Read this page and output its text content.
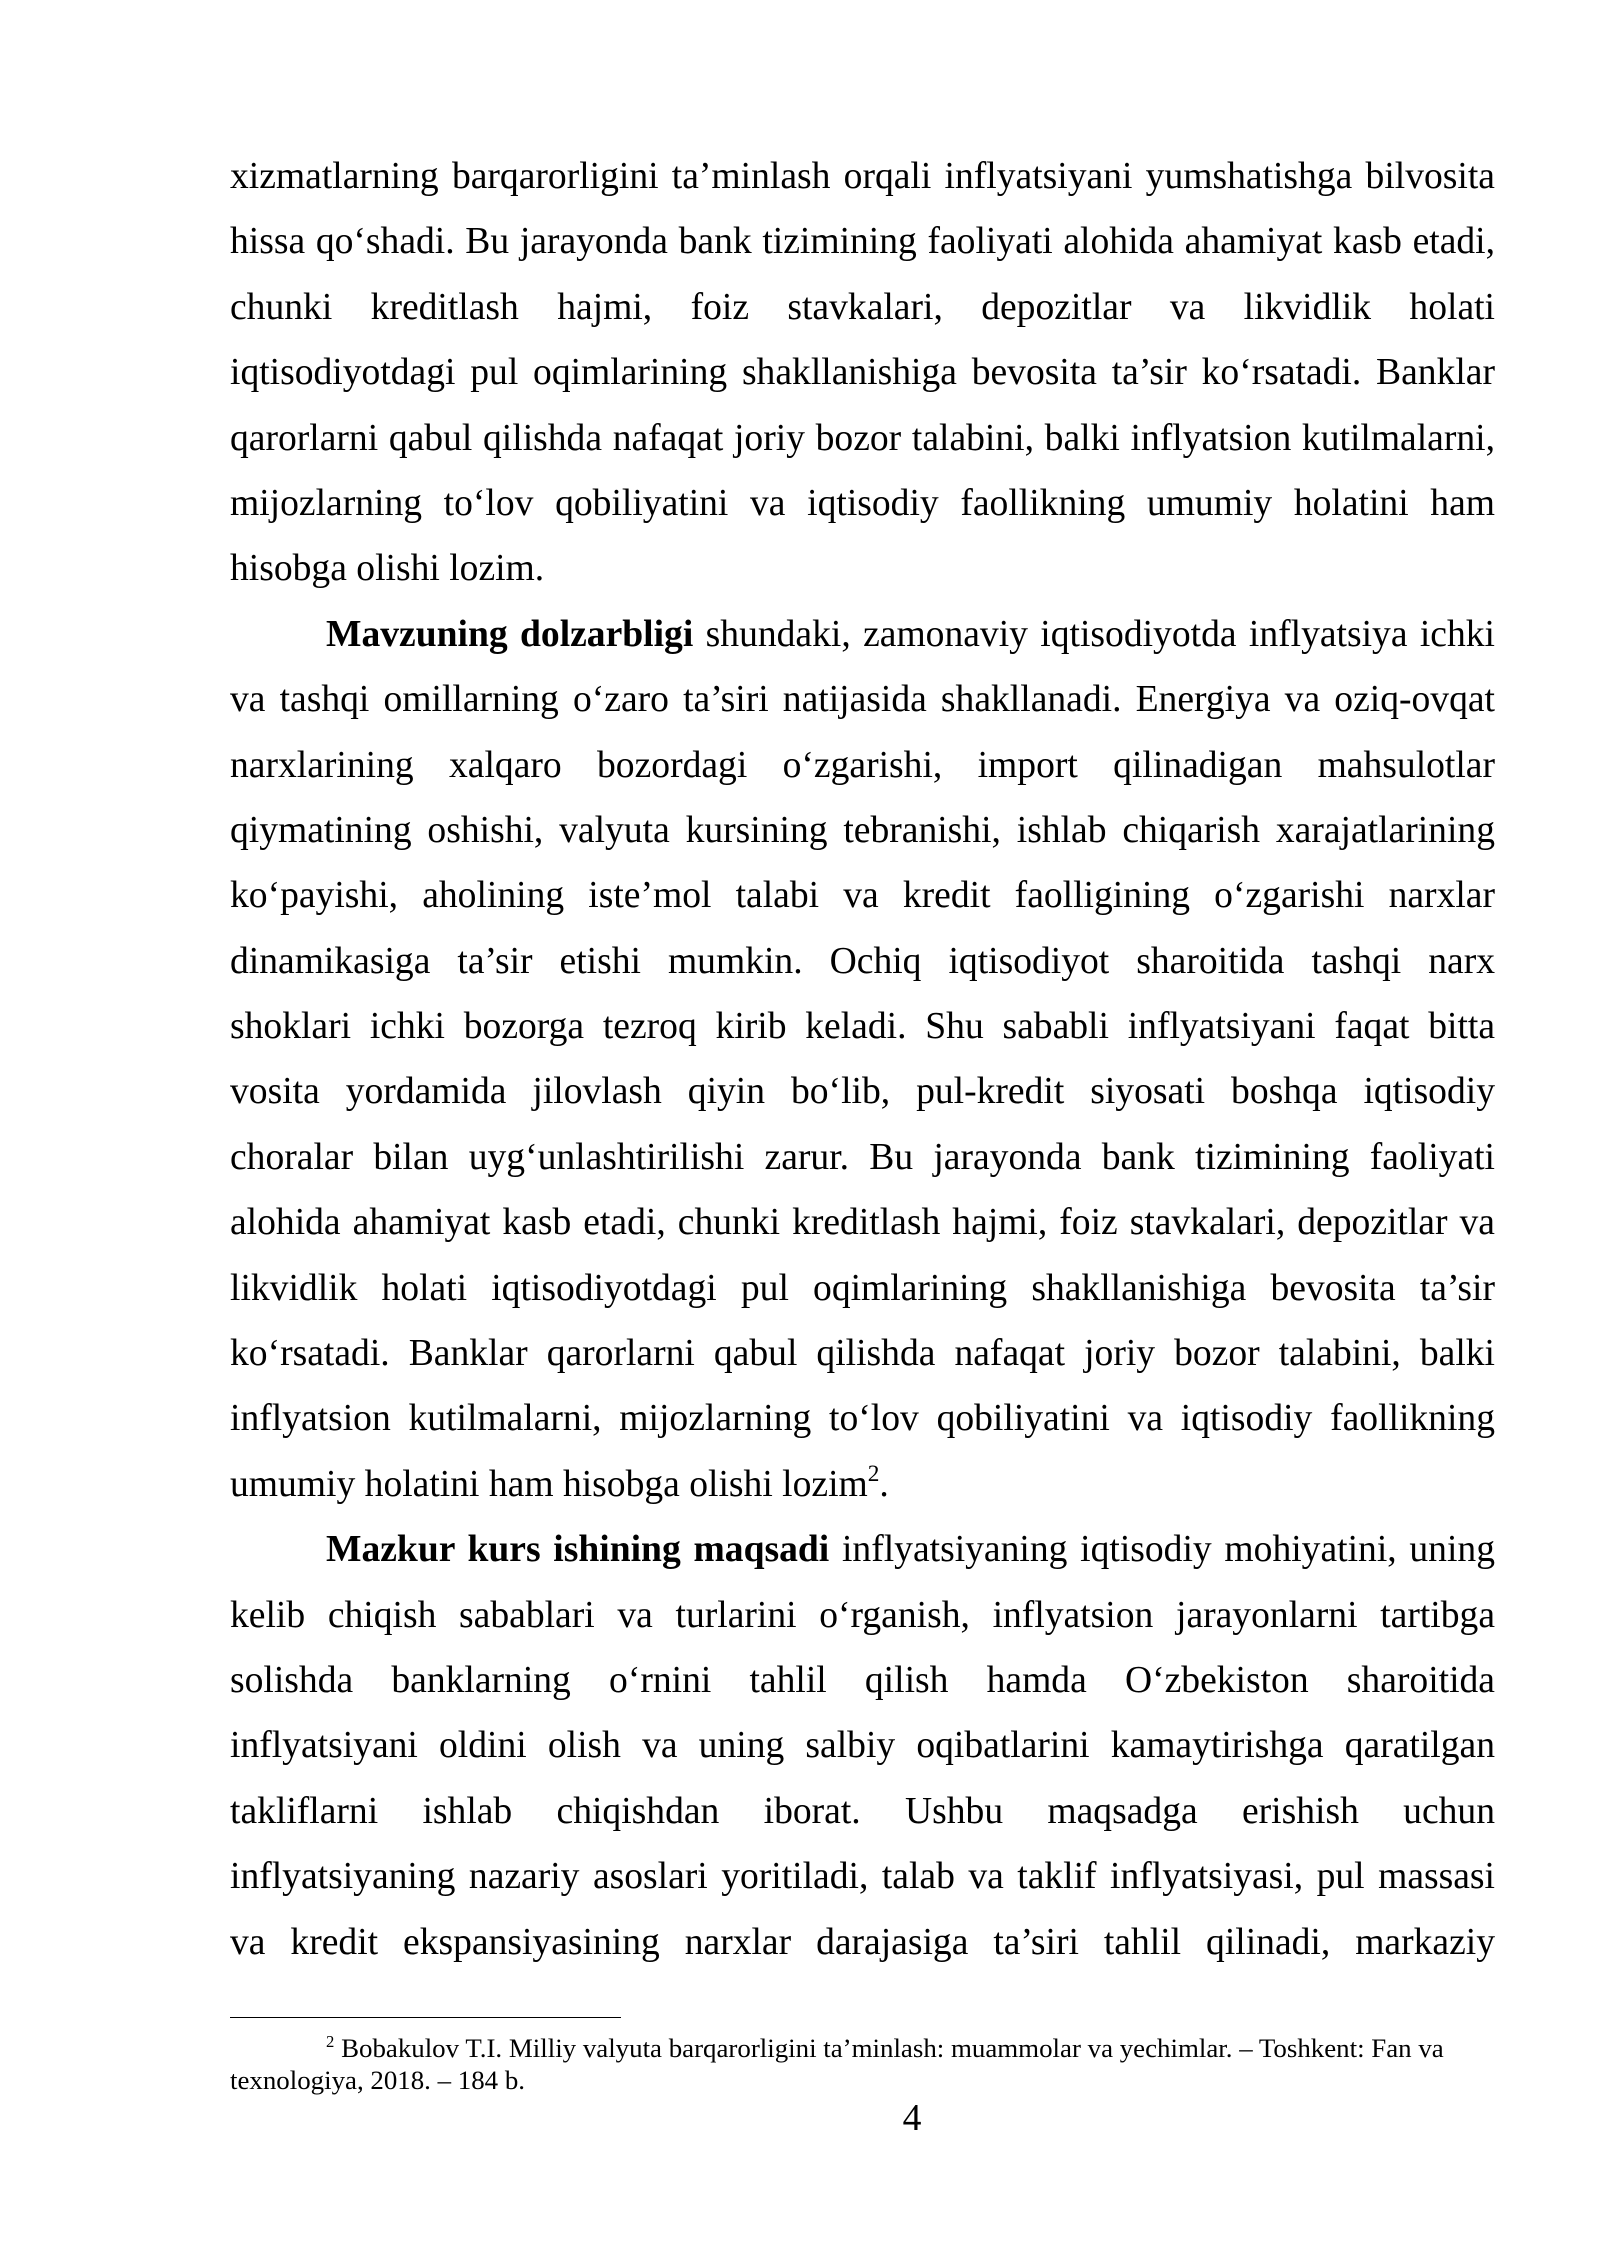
xizmatlarning barqarorligini ta’minlash orqali inflyatsiyani yumshatishga bilvosita
hissa qo‘shadi. Bu jarayonda bank tizimining faoliyati alohida ahamiyat kasb etadi,
chunki kreditlash hajmi, foiz stavkalari, depozitlar va likvidlik holati
iqtisodiyotdagi pul oqimlarining shakllanishiga bevosita ta’sir ko‘rsatadi. Banklar
qarorlarni qabul qilishda nafaqat joriy bozor talabini, balki inflyatsion kutilmalarni,
mijozlarning to‘lov qobiliyatini va iqtisodiy faollikning umumiy holatini ham
hisobga olishi lozim.
Mavzuning dolzarbligi shundaki, zamonaviy iqtisodiyotda inflyatsiya ichki
va tashqi omillarning o‘zaro ta’siri natijasida shakllanadi. Energiya va oziq-ovqat
narxlarining xalqaro bozordagi o‘zgarishi, import qilinadigan mahsulotlar
qiymatining oshishi, valyuta kursining tebranishi, ishlab chiqarish xarajatlarining
ko‘payishi, aholining iste’mol talabi va kredit faolligining o‘zgarishi narxlar
dinamikasiga ta’sir etishi mumkin. Ochiq iqtisodiyot sharoitida tashqi narx
shoklari ichki bozorga tezroq kirib keladi. Shu sababli inflyatsiyani faqat bitta
vosita yordamida jilovlash qiyin bo‘lib, pul-kredit siyosati boshqa iqtisodiy
choralar bilan uyg‘unlashtirilishi zarur. Bu jarayonda bank tizimining faoliyati
alohida ahamiyat kasb etadi, chunki kreditlash hajmi, foiz stavkalari, depozitlar va
likvidlik holati iqtisodiyotdagi pul oqimlarining shakllanishiga bevosita ta’sir
ko‘rsatadi. Banklar qarorlarni qabul qilishda nafaqat joriy bozor talabini, balki
inflyatsion kutilmalarni, mijozlarning to‘lov qobiliyatini va iqtisodiy faollikning
umumiy holatini ham hisobga olishi lozim$^2$.
Mazkur kurs ishining maqsadi inflyatsiyaning iqtisodiy mohiyatini, uning
kelib chiqish sabablari va turlarini o‘rganish, inflyatsion jarayonlarni tartibga
solishda banklarning o‘rnini tahlil qilish hamda O‘zbekiston sharoitida
inflyatsiyani oldini olish va uning salbiy oqibatlarini kamaytirishga qaratilgan
takliflarni ishlab chiqishdan iborat. Ushbu maqsadga erishish uchun
inflyatsiyaning nazariy asoslari yoritiladi, talab va taklif inflyatsiyasi, pul massasi
va kredit ekspansiyasining narxlar darajasiga ta’siri tahlil qilinadi, markaziy
$^2$ Bobakulov T.I. Milliy valyuta barqarorligini ta’minlash: muammolar va yechimlar. – Toshkent: Fan va
texnologiya, 2018. – 184 b.
4
